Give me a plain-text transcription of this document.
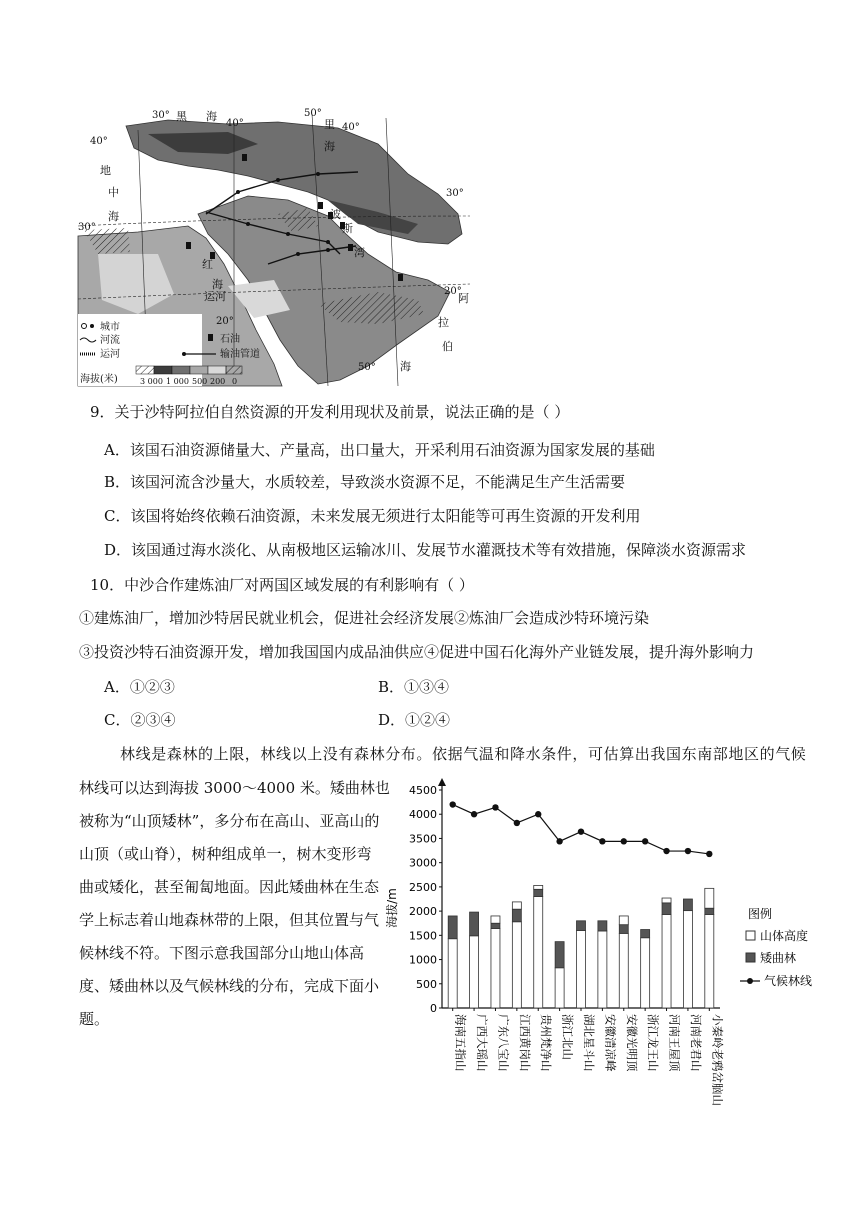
黑 海
里
海
地
中
海
红
海
波
斯
湾
阿
拉
伯
海
运河
30°
40°
50°
40°
40°
30°
30°
20°
20°
50°
城市
河流
运河
石油
输油管道
海拔(米)	3 000 1 000 500 200 0
9．关于沙特阿拉伯自然资源的开发利用现状及前景，说法正确的是（ ）
A．该国石油资源储量大、产量高，出口量大，开采利用石油资源为国家发展的基础
B．该国河流含沙量大，水质较差，导致淡水资源不足，不能满足生产生活需要
C．该国将始终依赖石油资源，未来发展无须进行太阳能等可再生资源的开发利用
D．该国通过海水淡化、从南极地区运输冰川、发展节水灌溉技术等有效措施，保障淡水资源需求
10．中沙合作建炼油厂对两国区域发展的有利影响有（ ）
①建炼油厂，增加沙特居民就业机会，促进社会经济发展②炼油厂会造成沙特环境污染
③投资沙特石油资源开发，增加我国国内成品油供应④促进中国石化海外产业链发展，提升海外影响力
A．①②③	B．①③④
C．②③④	D．①②④
林线是森林的上限，林线以上没有森林分布。依据气温和降水条件，可估算出我国东南部地区的气候
林线可以达到海拔 3000～4000 米。矮曲林也
被称为“山顶矮林”，多分布在高山、亚高山的
山顶（或山脊），树种组成单一，树木变形弯
曲或矮化，甚至匍匐地面。因此矮曲林在生态
学上标志着山地森林带的上限，但其位置与气
候林线不符。下图示意我国部分山地山体高
度、矮曲林以及气候林线的分布，完成下面小
题。
0
500
1000
1500
2000
2500
3000
3500
4000
4500
海南五指山 广西大瑶山 广东八宝山 江西黄岗山 贵州梵净山 浙江北山 湖北星斗山 安徽清凉峰 安徽光明顶 浙江龙王山 河南王屋顶 河南老君山 小秦岭老鸦岔脑山
海拔/m	图例
山体高度
矮曲林
气候林线
